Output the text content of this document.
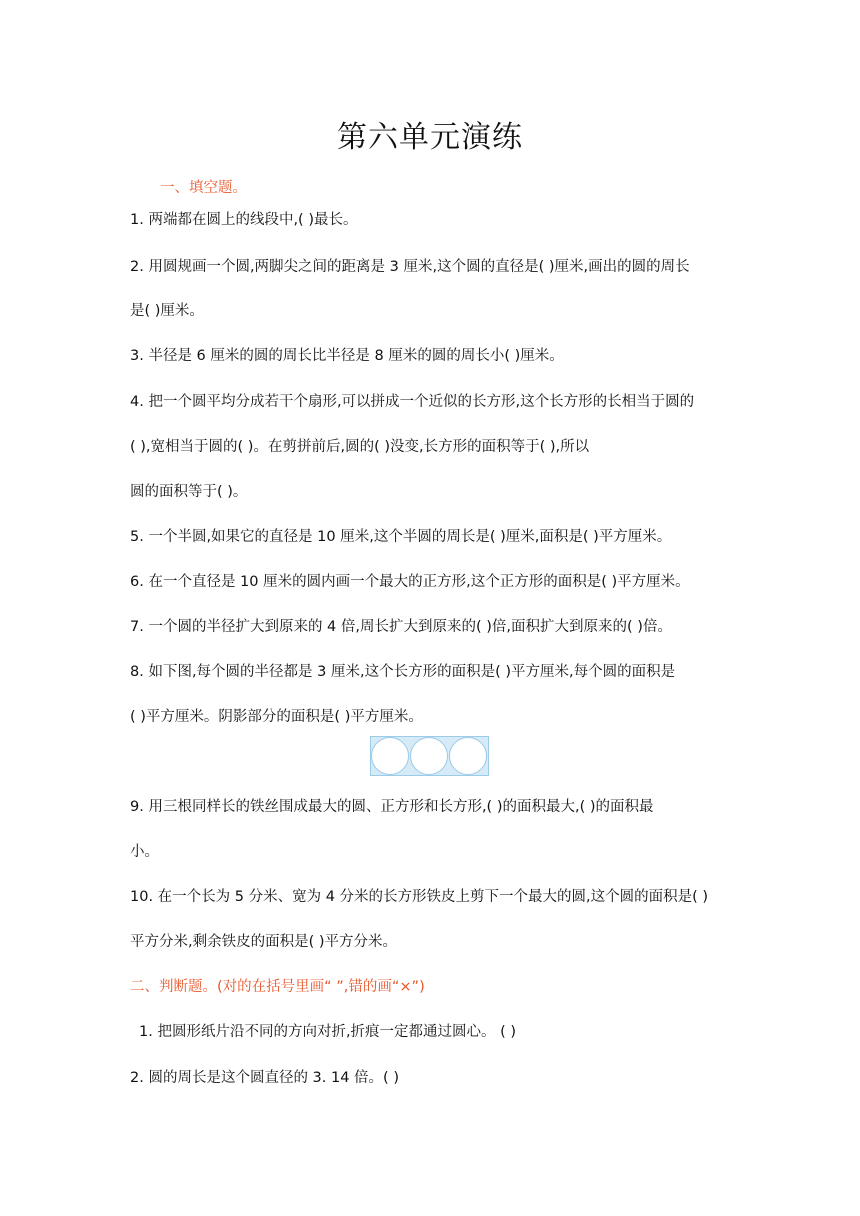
第六单元演练
一、填空题。
1. 两端都在圆上的线段中,( )最长。
2. 用圆规画一个圆,两脚尖之间的距离是 3 厘米,这个圆的直径是( )厘米,画出的圆的周长
是( )厘米。
3. 半径是 6 厘米的圆的周长比半径是 8 厘米的圆的周长小( )厘米。
4. 把一个圆平均分成若干个扇形,可以拼成一个近似的长方形,这个长方形的长相当于圆的
( ),宽相当于圆的( )。在剪拼前后,圆的( )没变,长方形的面积等于( ),所以
圆的面积等于( )。
5. 一个半圆,如果它的直径是 10 厘米,这个半圆的周长是( )厘米,面积是( )平方厘米。
6. 在一个直径是 10 厘米的圆内画一个最大的正方形,这个正方形的面积是( )平方厘米。
7. 一个圆的半径扩大到原来的 4 倍,周长扩大到原来的( )倍,面积扩大到原来的( )倍。
8. 如下图,每个圆的半径都是 3 厘米,这个长方形的面积是( )平方厘米,每个圆的面积是
( )平方厘米。阴影部分的面积是( )平方厘米。
9. 用三根同样长的铁丝围成最大的圆、正方形和长方形,( )的面积最大,( )的面积最
小。
10. 在一个长为 5 分米、宽为 4 分米的长方形铁皮上剪下一个最大的圆,这个圆的面积是( )
平方分米,剩余铁皮的面积是( )平方分米。
二、判断题。(对的在括号里画“ ”,错的画“×”)
1. 把圆形纸片沿不同的方向对折,折痕一定都通过圆心。 ( )
2. 圆的周长是这个圆直径的 3. 14 倍。( )
